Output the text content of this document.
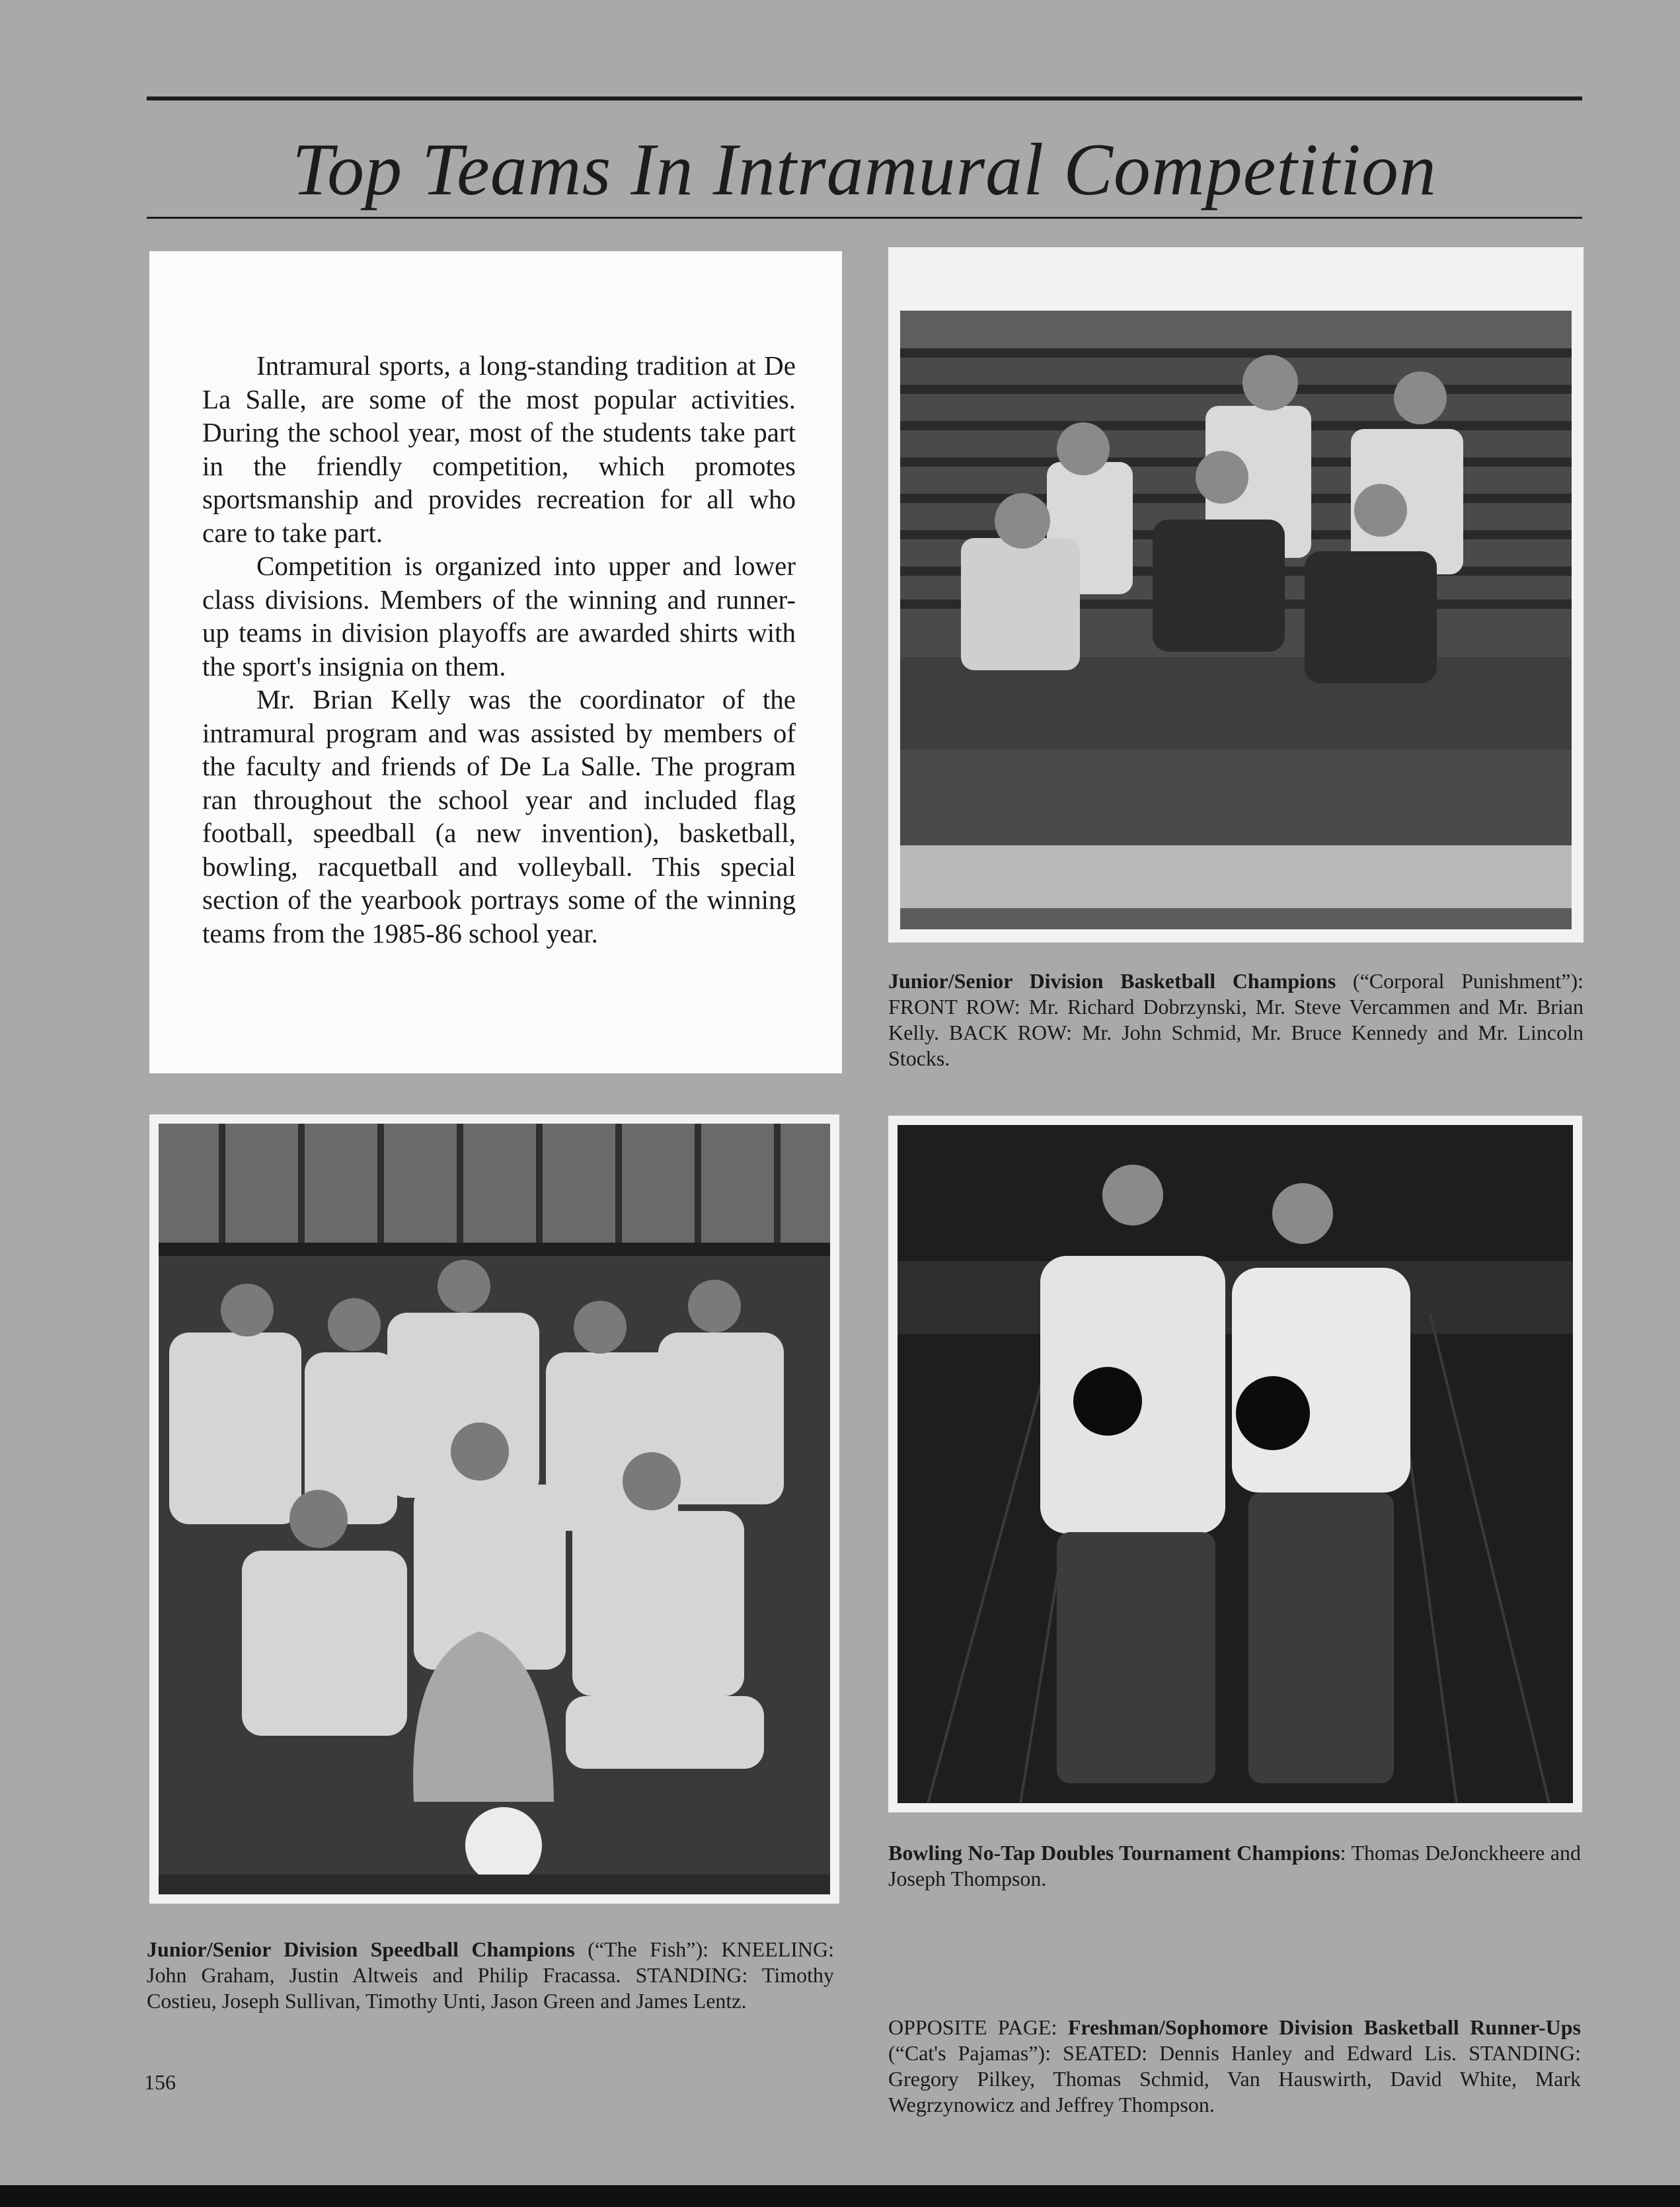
Top Teams In Intramural Competition

Intramural sports, a long-standing tradition at De La Salle, are some of the most popular activities. During the school year, most of the students take part in the friendly competition, which promotes sportsmanship and provides recreation for all who care to take part.

Competition is organized into upper and lower class divisions. Members of the winning and runner-up teams in division playoffs are awarded shirts with the sport's insignia on them.

Mr. Brian Kelly was the coordinator of the intramural program and was assisted by members of the faculty and friends of De La Salle. The program ran throughout the school year and included flag football, speedball (a new invention), basketball, bowling, racquetball and volleyball. This special section of the yearbook portrays some of the winning teams from the 1985-86 school year.

Junior/Senior Division Basketball Champions (“Corporal Punishment”): FRONT ROW: Mr. Richard Dobrzynski, Mr. Steve Vercammen and Mr. Brian Kelly. BACK ROW: Mr. John Schmid, Mr. Bruce Kennedy and Mr. Lincoln Stocks.
Junior/Senior Division Speedball Champions (“The Fish”): KNEELING: John Graham, Justin Altweis and Philip Fracassa. STANDING: Timothy Costieu, Joseph Sullivan, Timothy Unti, Jason Green and James Lentz.
Bowling No-Tap Doubles Tournament Champions: Thomas DeJonckheere and Joseph Thompson.
OPPOSITE PAGE: Freshman/Sophomore Division Basketball Runner-Ups (“Cat's Pajamas”): SEATED: Dennis Hanley and Edward Lis. STANDING: Gregory Pilkey, Thomas Schmid, Van Hauswirth, David White, Mark Wegrzynowicz and Jeffrey Thompson.
156
